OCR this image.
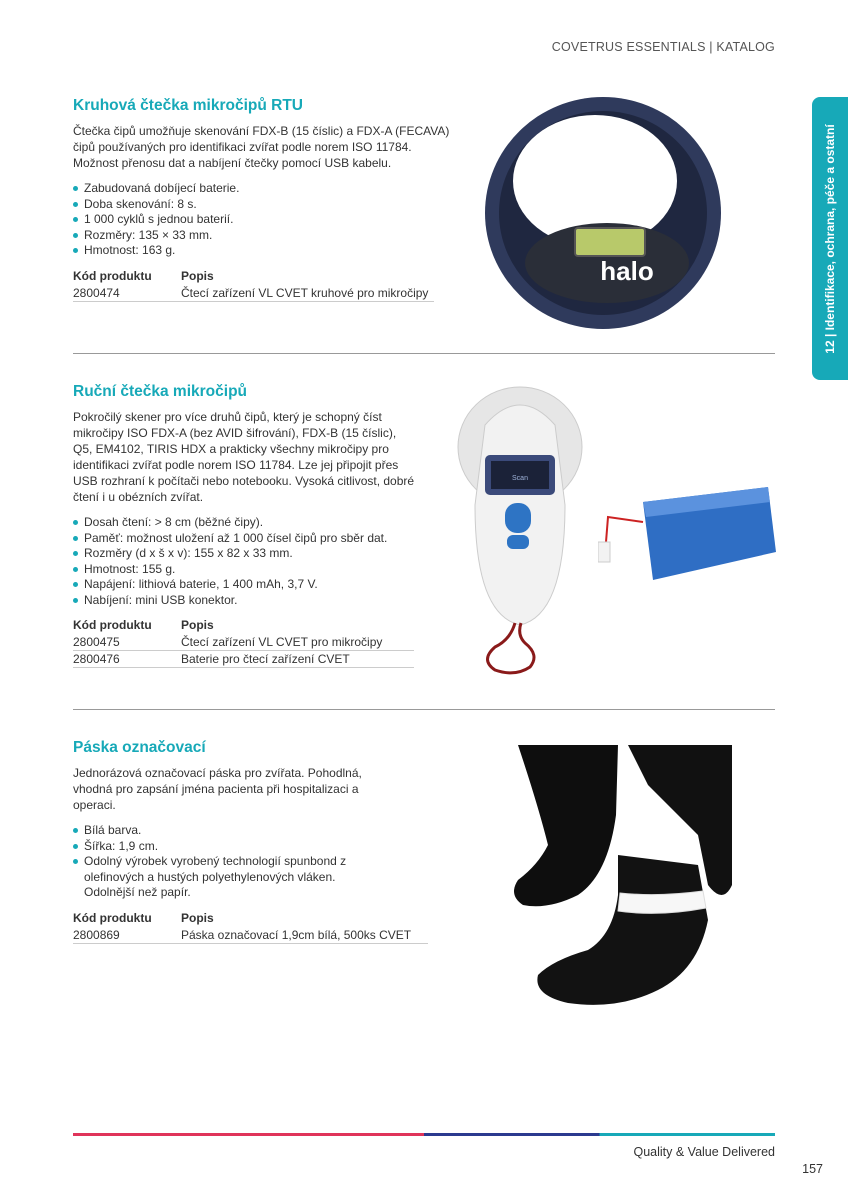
COVETRUS ESSENTIALS | KATALOG
12 | Identifikace, ochrana, péče a ostatní
Kruhová čtečka mikročipů RTU

Čtečka čipů umožňuje skenování FDX-B (15 číslic) a FDX-A (FECAVA) čipů používaných pro identifikaci zvířat podle norem ISO 11784. Možnost přenosu dat a nabíjení čtečky pomocí USB kabelu.

Zabudovaná dobíjecí baterie.
Doba skenování: 8 s.
1 000 cyklů s jednou baterií.
Rozměry: 135 × 33 mm.
Hmotnost: 163 g.
Kód produktu	Popis
2800474	Čtecí zařízení VL CVET kruhové pro mikročipy
halo
Ruční čtečka mikročipů

Pokročilý skener pro více druhů čipů, který je schopný číst mikročipy ISO FDX-A (bez AVID šifrování), FDX-B (15 číslic), Q5, EM4102, TIRIS HDX a prakticky všechny mikročipy pro identifikaci zvířat podle norem ISO 11784. Lze jej připojit přes USB rozhraní k počítači nebo notebooku. Vysoká citlivost, dobré čtení i u obézních zvířat.

Dosah čtení: > 8 cm (běžné čipy).
Paměť: možnost uložení až 1 000 čísel čipů pro sběr dat.
Rozměry (d x š x v): 155 x 82 x 33 mm.
Hmotnost: 155 g.
Napájení: lithiová baterie, 1 400 mAh, 3,7 V.
Nabíjení: mini USB konektor.
Kód produktu	Popis
2800475	Čtecí zařízení VL CVET pro mikročipy
2800476	Baterie pro čtecí zařízení CVET
Scan
Páska označovací

Jednorázová označovací páska pro zvířata. Pohodlná, vhodná pro zapsání jména pacienta při hospitalizaci a operaci.

Bílá barva.
Šířka: 1,9 cm.
Odolný výrobek vyrobený technologií spunbond z olefinových a hustých polyethylenových vláken. Odolnější než papír.
Kód produktu	Popis
2800869	Páska označovací 1,9cm bílá, 500ks CVET
Quality & Value Delivered
157
